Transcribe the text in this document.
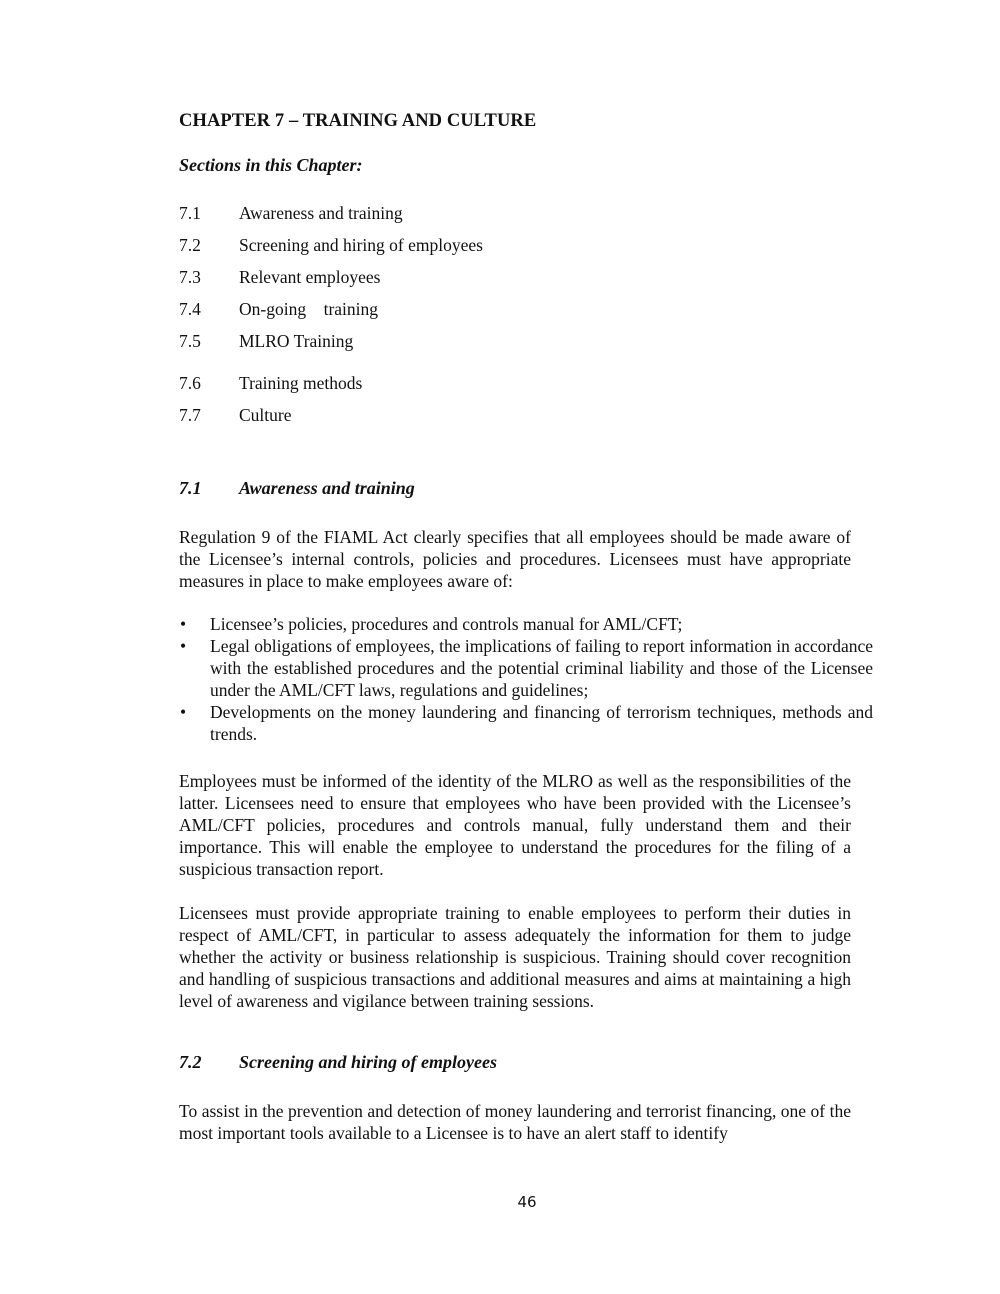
CHAPTER 7 – TRAINING AND CULTURE

Sections in this Chapter:

7.1 Awareness and training

7.2 Screening and hiring of employees

7.3 Relevant employees

7.4 On-going    training

7.5 MLRO Training

7.6 Training methods

7.7 Culture

7.1 Awareness and training

Regulation 9 of the FIAML Act clearly specifies that all employees should be made aware of the Licensee’s internal controls, policies and procedures. Licensees must have appropriate measures in place to make employees aware of:

• Licensee’s policies, procedures and controls manual for AML/CFT;
• Legal obligations of employees, the implications of failing to report information in accordance with the established procedures and the potential criminal liability and those of the Licensee under the AML/CFT laws, regulations and guidelines;
• Developments on the money laundering and financing of terrorism techniques, methods and trends.

Employees must be informed of the identity of the MLRO as well as the responsibilities of the latter. Licensees need to ensure that employees who have been provided with the Licensee’s AML/CFT policies, procedures and controls manual, fully understand them and their importance. This will enable the employee to understand the procedures for the filing of a suspicious transaction report.

Licensees must provide appropriate training to enable employees to perform their duties in respect of AML/CFT, in particular to assess adequately the information for them to judge whether the activity or business relationship is suspicious. Training should cover recognition and handling of suspicious transactions and additional measures and aims at maintaining a high level of awareness and vigilance between training sessions.

7.2 Screening and hiring of employees

To assist in the prevention and detection of money laundering and terrorist financing, one of the most important tools available to a Licensee is to have an alert staff to identify

46
